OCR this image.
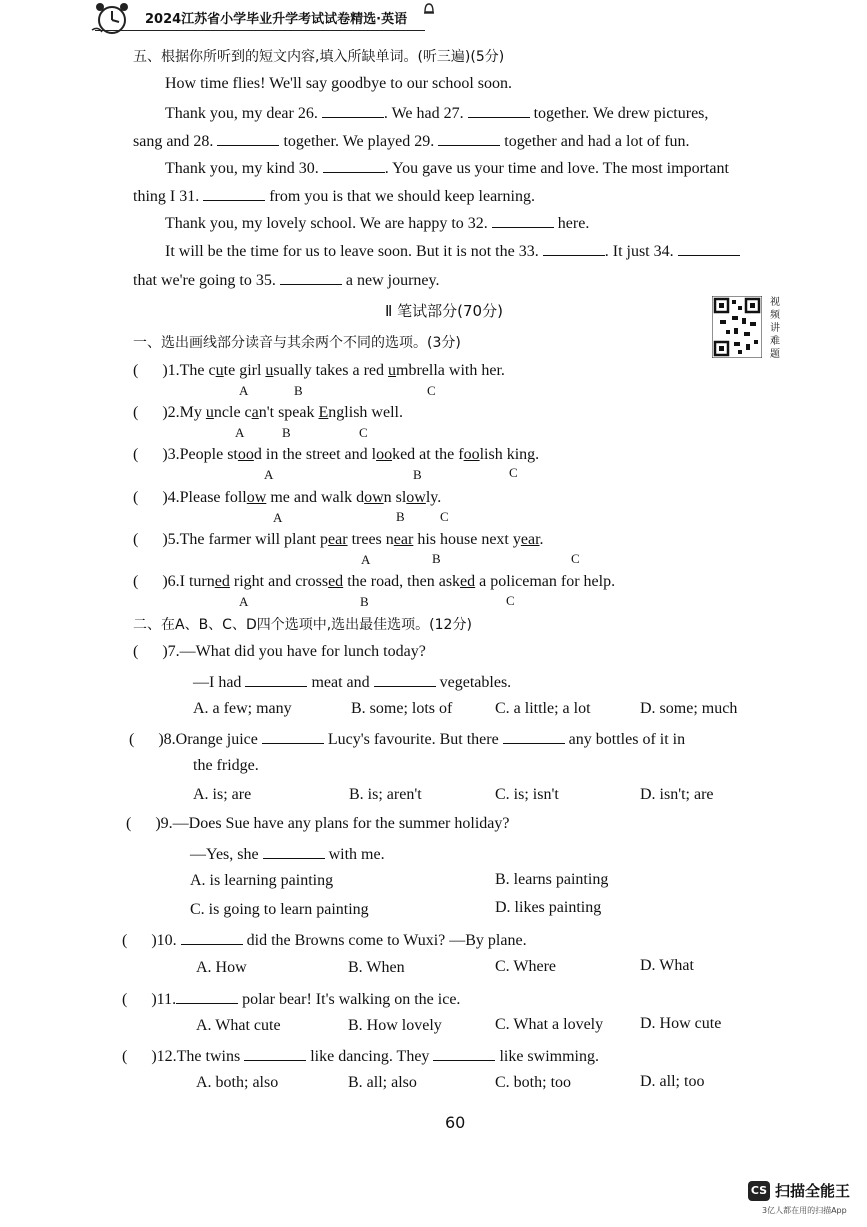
2024江苏省小学毕业升学考试试卷精选·英语
五、根据你所听到的短文内容,填入所缺单词。(听三遍)(5分)
How time flies! We'll say goodbye to our school soon.
Thank you, my dear 26.	. We had 27.	together. We drew pictures,
sang and 28.	together. We played 29.	together and had a lot of fun.
Thank you, my kind 30.	. You gave us your time and love. The most important
thing I 31.	from you is that we should keep learning.
Thank you, my lovely school. We are happy to 32.	here.
It will be the time for us to leave soon. But it is not the 33.	. It just 34.
that we're going to 35.	a new journey.
Ⅱ 笔试部分(70分)	视频讲难题
一、选出画线部分读音与其余两个不同的选项。(3分)
(      )1.The cute girl usually takes a red umbrella with her.
A	B	C
(      )2.My uncle can't speak English well.
A	B	C
(      )3.People stood in the street and looked at the foolish king.
A	B	C
(      )4.Please follow me and walk down slowly.
A	B	C
(      )5.The farmer will plant pear trees near his house next year.
A	B	C
(      )6.I turned right and crossed the road, then asked a policeman for help.
A	B	C
二、在A、B、C、D四个选项中,选出最佳选项。(12分)
(      )7.—What did you have for lunch today?
—I had	meat and	vegetables.
A. a few; many	B. some; lots of	C. a little; a lot	D. some; much
(      )8.Orange juice	Lucy's favourite. But there	any bottles of it in
the fridge.
A. is; are	B. is; aren't	C. is; isn't	D. isn't; are
(      )9.—Does Sue have any plans for the summer holiday?
—Yes, she	with me.
A. is learning painting	B. learns painting
C. is going to learn painting	D. likes painting
(      )10.	did the Browns come to Wuxi? —By plane.
A. How	B. When	C. Where	D. What
(      )11.	polar bear! It's walking on the ice.
A. What cute	B. How lovely	C. What a lovely D. How cute
(      )12.The twins	like dancing. They	like swimming.
A. both; also	B. all; also	C. both; too	D. all; too
60
CS 扫描全能王
3亿人都在用的扫描App
